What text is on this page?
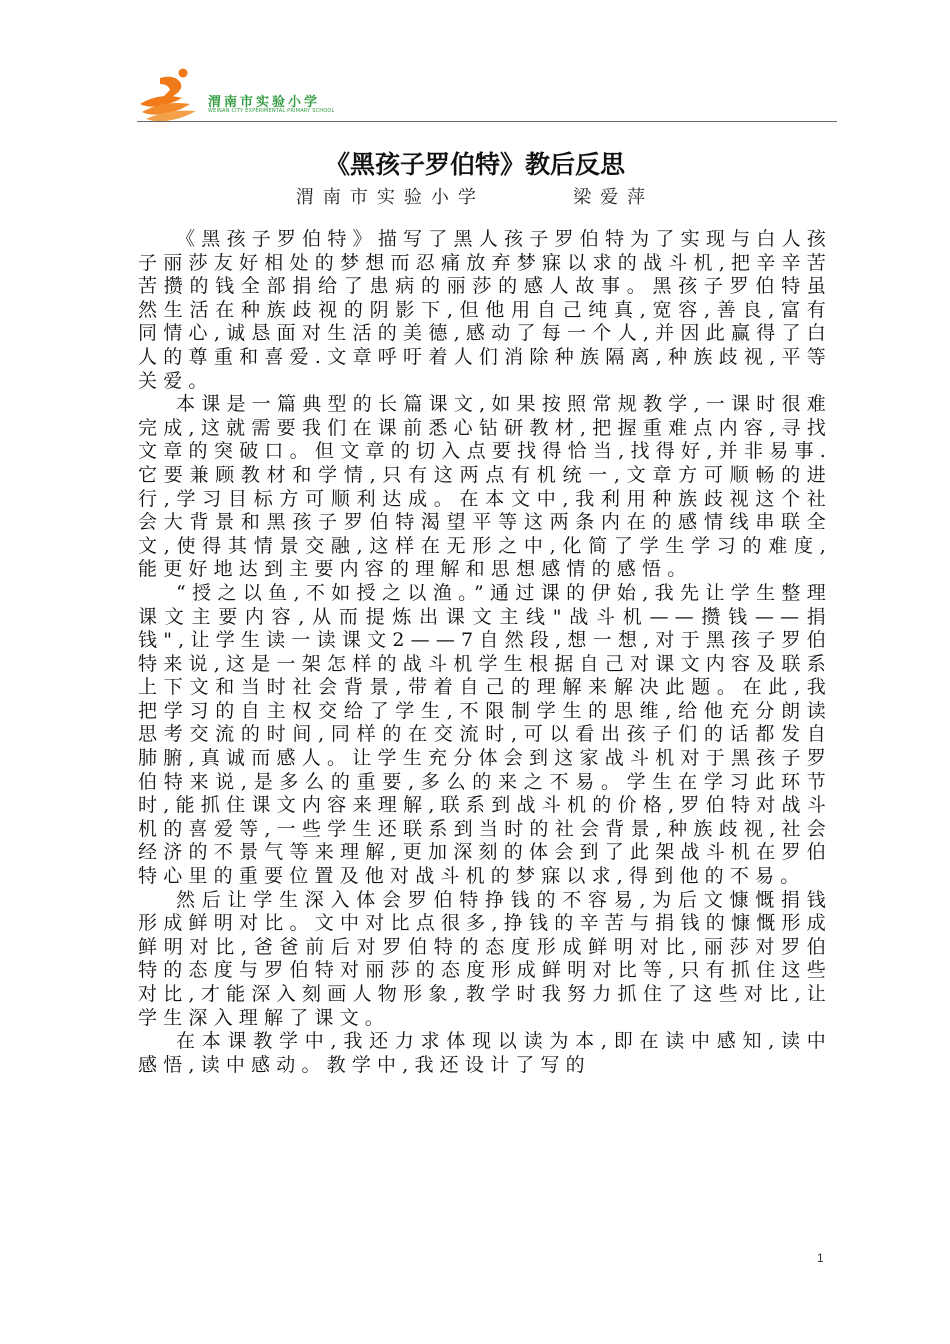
渭南市实验小学
WEINAN CITY EXPERIMENTAL PRIMARY SCHOOL
《黑孩子罗伯特》教后反思
渭南市实验小学      梁爱萍

《黑孩子罗伯特》描写了黑人孩子罗伯特为了实现与白人孩子丽莎友好相处的梦想而忍痛放弃梦寐以求的战斗机,把辛辛苦苦攒的钱全部捐给了患病的丽莎的感人故事。黑孩子罗伯特虽然生活在种族歧视的阴影下,但他用自己纯真,宽容,善良,富有同情心,诚恳面对生活的美德,感动了每一个人,并因此赢得了白人的尊重和喜爱.文章呼吁着人们消除种族隔离,种族歧视,平等关爱。

本课是一篇典型的长篇课文,如果按照常规教学,一课时很难完成,这就需要我们在课前悉心钻研教材,把握重难点内容,寻找文章的突破口。但文章的切入点要找得恰当,找得好,并非易事.它要兼顾教材和学情,只有这两点有机统一,文章方可顺畅的进行,学习目标方可顺利达成。在本文中,我利用种族歧视这个社会大背景和黑孩子罗伯特渴望平等这两条内在的感情线串联全文,使得其情景交融,这样在无形之中,化简了学生学习的难度,能更好地达到主要内容的理解和思想感情的感悟。

“授之以鱼,不如授之以渔。”通过课的伊始,我先让学生整理课文主要内容,从而提炼出课文主线"战斗机——攒钱——捐钱",让学生读一读课文2——7自然段,想一想,对于黑孩子罗伯特来说,这是一架怎样的战斗机学生根据自己对课文内容及联系上下文和当时社会背景,带着自己的理解来解决此题。在此,我把学习的自主权交给了学生,不限制学生的思维,给他充分朗读思考交流的时间,同样的在交流时,可以看出孩子们的话都发自肺腑,真诚而感人。让学生充分体会到这家战斗机对于黑孩子罗伯特来说,是多么的重要,多么的来之不易。学生在学习此环节时,能抓住课文内容来理解,联系到战斗机的价格,罗伯特对战斗机的喜爱等,一些学生还联系到当时的社会背景,种族歧视,社会经济的不景气等来理解,更加深刻的体会到了此架战斗机在罗伯特心里的重要位置及他对战斗机的梦寐以求,得到他的不易。

然后让学生深入体会罗伯特挣钱的不容易,为后文慷慨捐钱形成鲜明对比。文中对比点很多,挣钱的辛苦与捐钱的慷慨形成鲜明对比,爸爸前后对罗伯特的态度形成鲜明对比,丽莎对罗伯特的态度与罗伯特对丽莎的态度形成鲜明对比等,只有抓住这些对比,才能深入刻画人物形象,教学时我努力抓住了这些对比,让学生深入理解了课文。

在本课教学中,我还力求体现以读为本,即在读中感知,读中感悟,读中感动。教学中,我还设计了写的

1
